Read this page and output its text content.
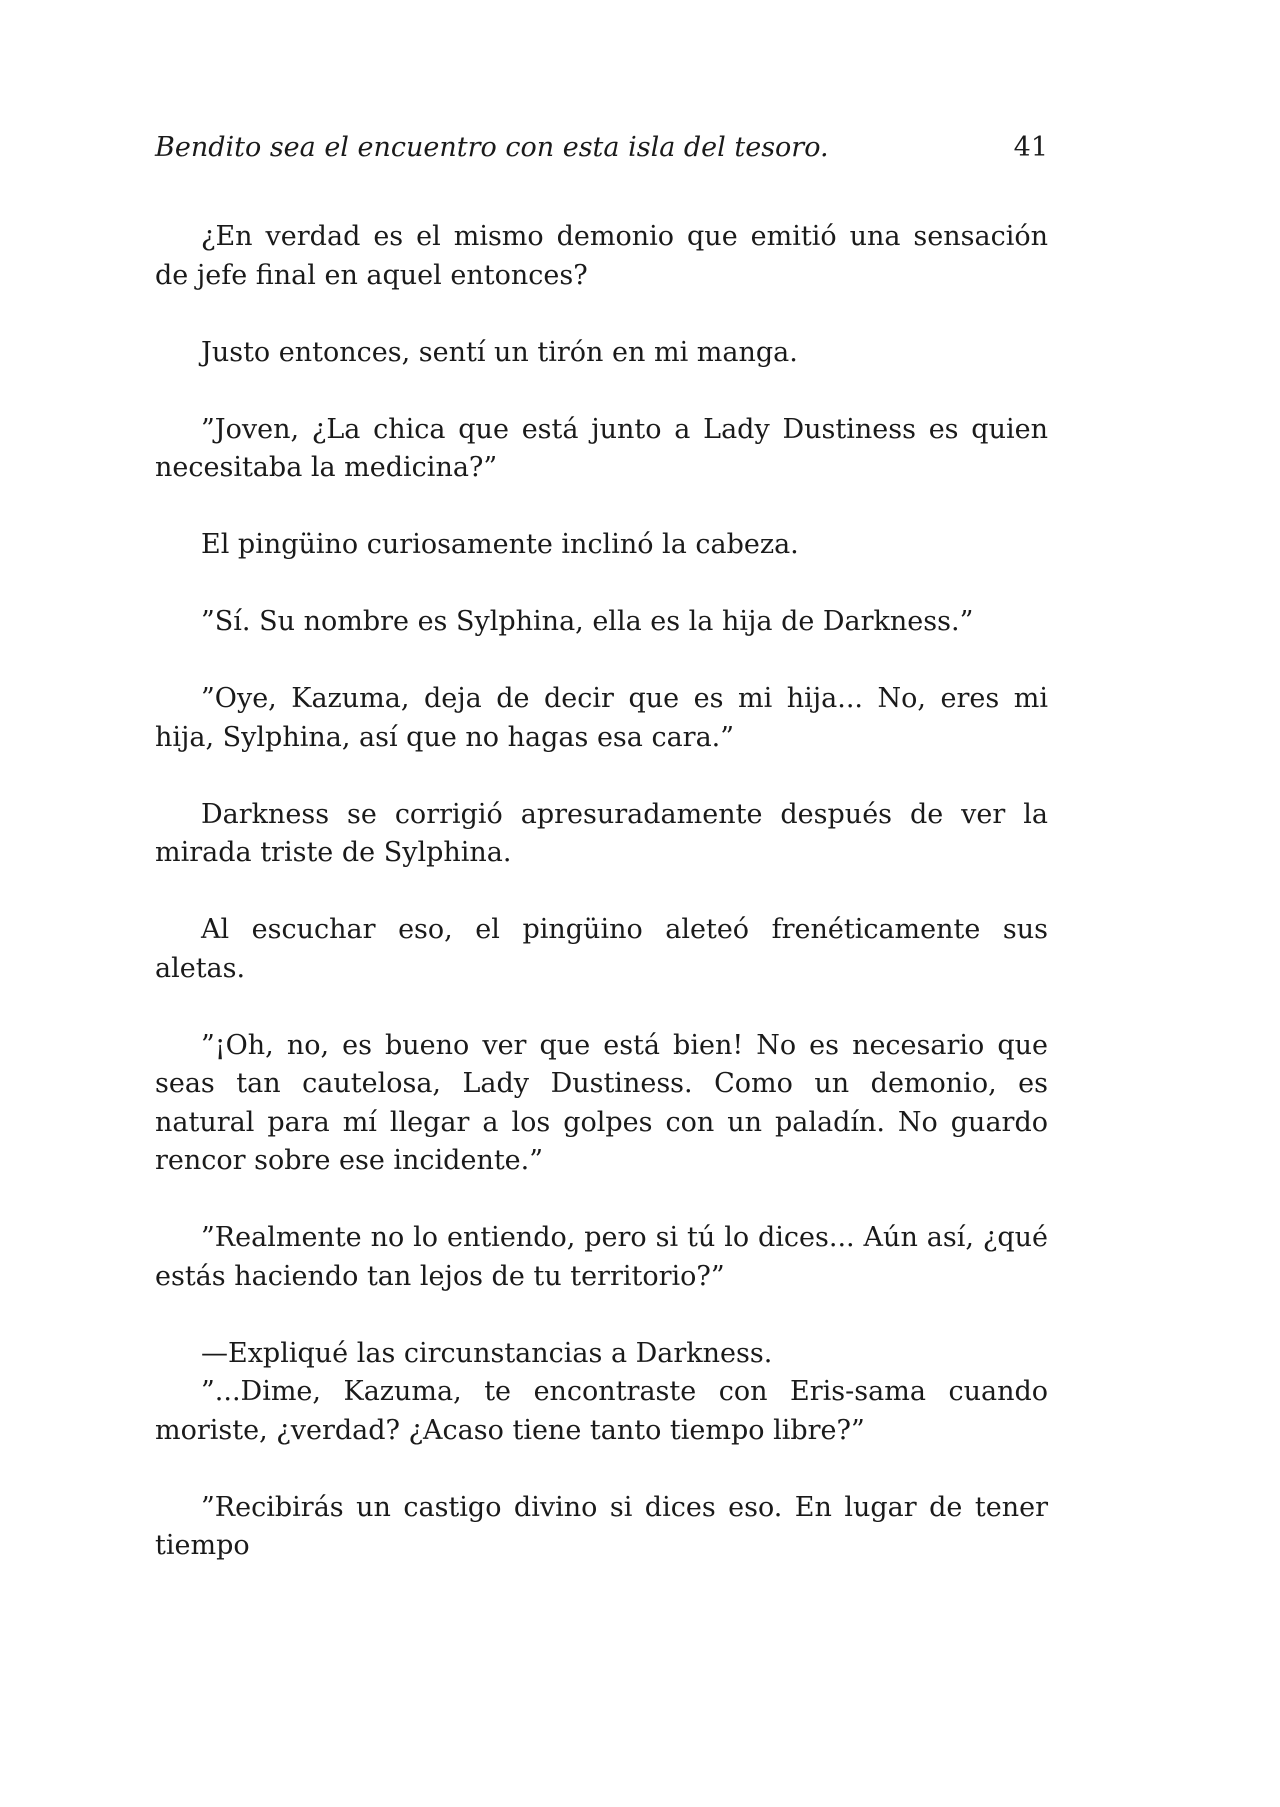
Bendito sea el encuentro con esta isla del tesoro.	41

¿En verdad es el mismo demonio que emitió una sensación de jefe final en aquel entonces?

Justo entonces, sentí un tirón en mi manga.

”Joven, ¿La chica que está junto a Lady Dustiness es quien necesitaba la medicina?”

El pingüino curiosamente inclinó la cabeza.

”Sí. Su nombre es Sylphina, ella es la hija de Darkness.”

”Oye, Kazuma, deja de decir que es mi hija... No, eres mi hija, Sylphina, así que no hagas esa cara.”

Darkness se corrigió apresuradamente después de ver la mirada triste de Sylphina.

Al escuchar eso, el pingüino aleteó frenéticamente sus aletas.

”¡Oh, no, es bueno ver que está bien! No es necesario que seas tan cautelosa, Lady Dustiness. Como un demonio, es natural para mí llegar a los golpes con un paladín. No guardo rencor sobre ese incidente.”

”Realmente no lo entiendo, pero si tú lo dices... Aún así, ¿qué estás haciendo tan lejos de tu territorio?”

—Expliqué las circunstancias a Darkness.

”...Dime, Kazuma, te encontraste con Eris-sama cuando moriste, ¿verdad? ¿Acaso tiene tanto tiempo libre?”

”Recibirás un castigo divino si dices eso. En lugar de tener tiempo
